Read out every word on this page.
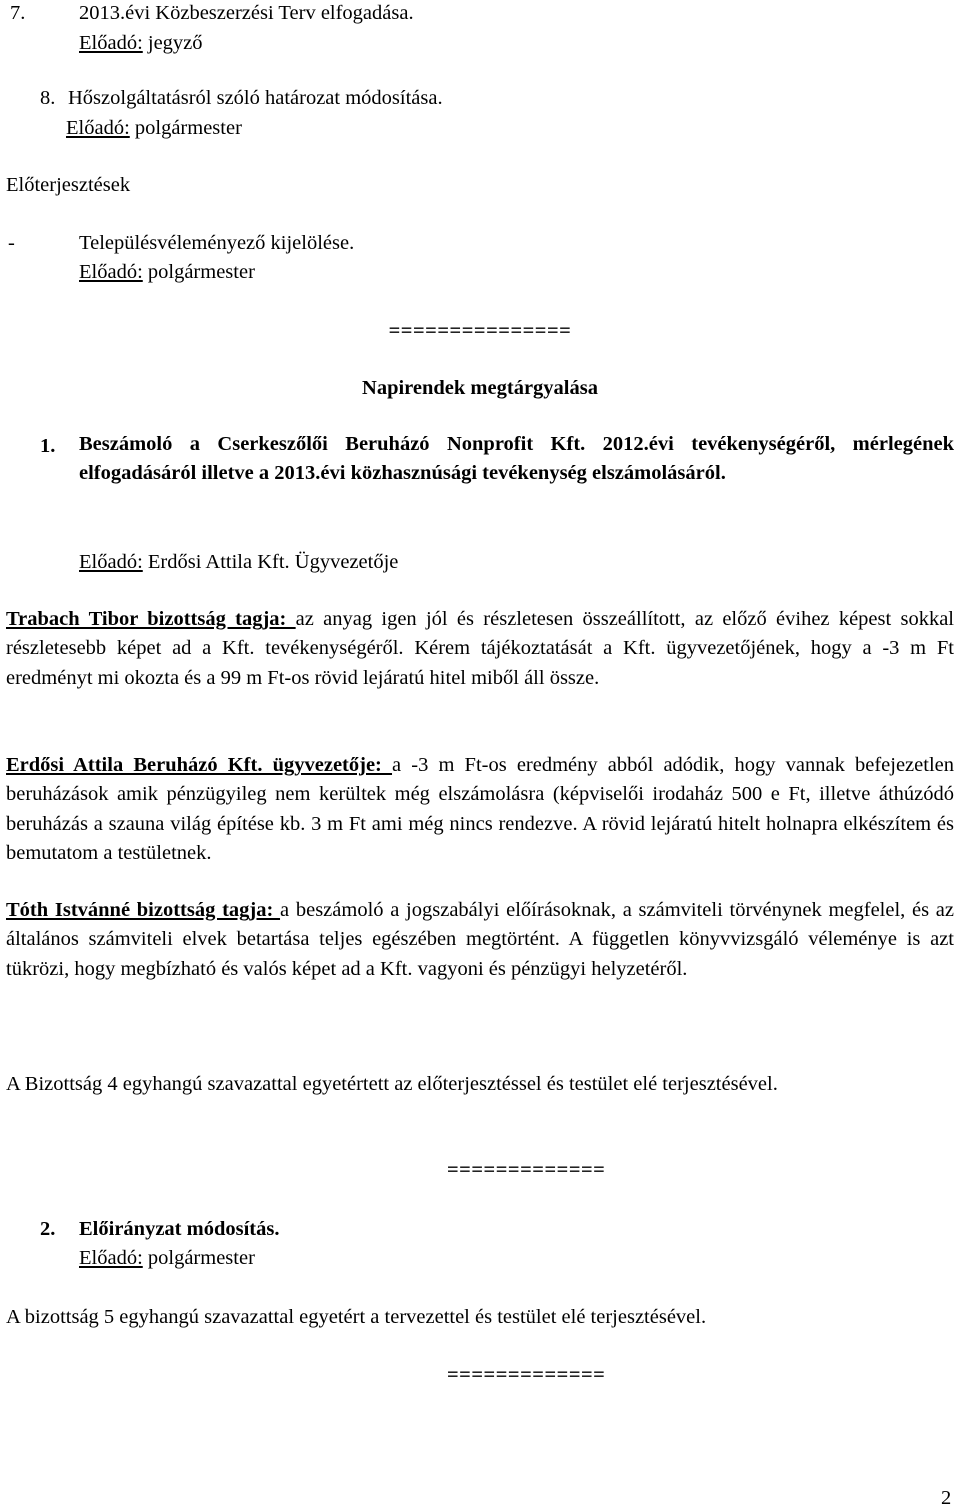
7.	2013.évi Közbeszerzési Terv elfogadása.
Előadó: jegyző
8. Hőszolgáltatásról szóló határozat módosítása.
Előadó: polgármester
Előterjesztések
-	Településvéleményező kijelölése.
Előadó: polgármester
===============
Napirendek megtárgyalása
1. Beszámoló a Cserkeszőlői Beruházó Nonprofit Kft. 2012.évi tevékenységéről, mérlegének elfogadásáról illetve a 2013.évi közhasznúsági tevékenység elszámolásáról.
Előadó: Erdősi Attila Kft. Ügyvezetője
Trabach Tibor bizottság tagja: az anyag igen jól és részletesen összeállított, az előző évihez képest sokkal részletesebb képet ad a Kft. tevékenységéről. Kérem tájékoztatását a Kft. ügyvezetőjének, hogy a -3 m Ft eredményt mi okozta és a 99 m Ft-os rövid lejáratú hitel miből áll össze.
Erdősi Attila Beruházó Kft. ügyvezetője: a -3 m Ft-os eredmény abból adódik, hogy vannak befejezetlen beruházások amik pénzügyileg nem kerültek még elszámolásra (képviselői irodaház 500 e Ft, illetve áthúzódó beruházás a szauna világ építése kb. 3 m Ft ami még nincs rendezve. A rövid lejáratú hitelt holnapra elkészítem és bemutatom a testületnek.
Tóth Istvánné bizottság tagja: a beszámoló a jogszabályi előírásoknak, a számviteli törvénynek megfelel, és az általános számviteli elvek betartása teljes egészében megtörtént. A független könyvvizsgáló véleménye is azt tükrözi, hogy megbízható és valós képet ad a Kft. vagyoni és pénzügyi helyzetéről.
A Bizottság 4 egyhangú szavazattal egyetértett az előterjesztéssel és testület elé terjesztésével.
=============
2. Előirányzat módosítás.
Előadó: polgármester
A bizottság 5 egyhangú szavazattal egyetért a tervezettel és testület elé terjesztésével.
=============
2
